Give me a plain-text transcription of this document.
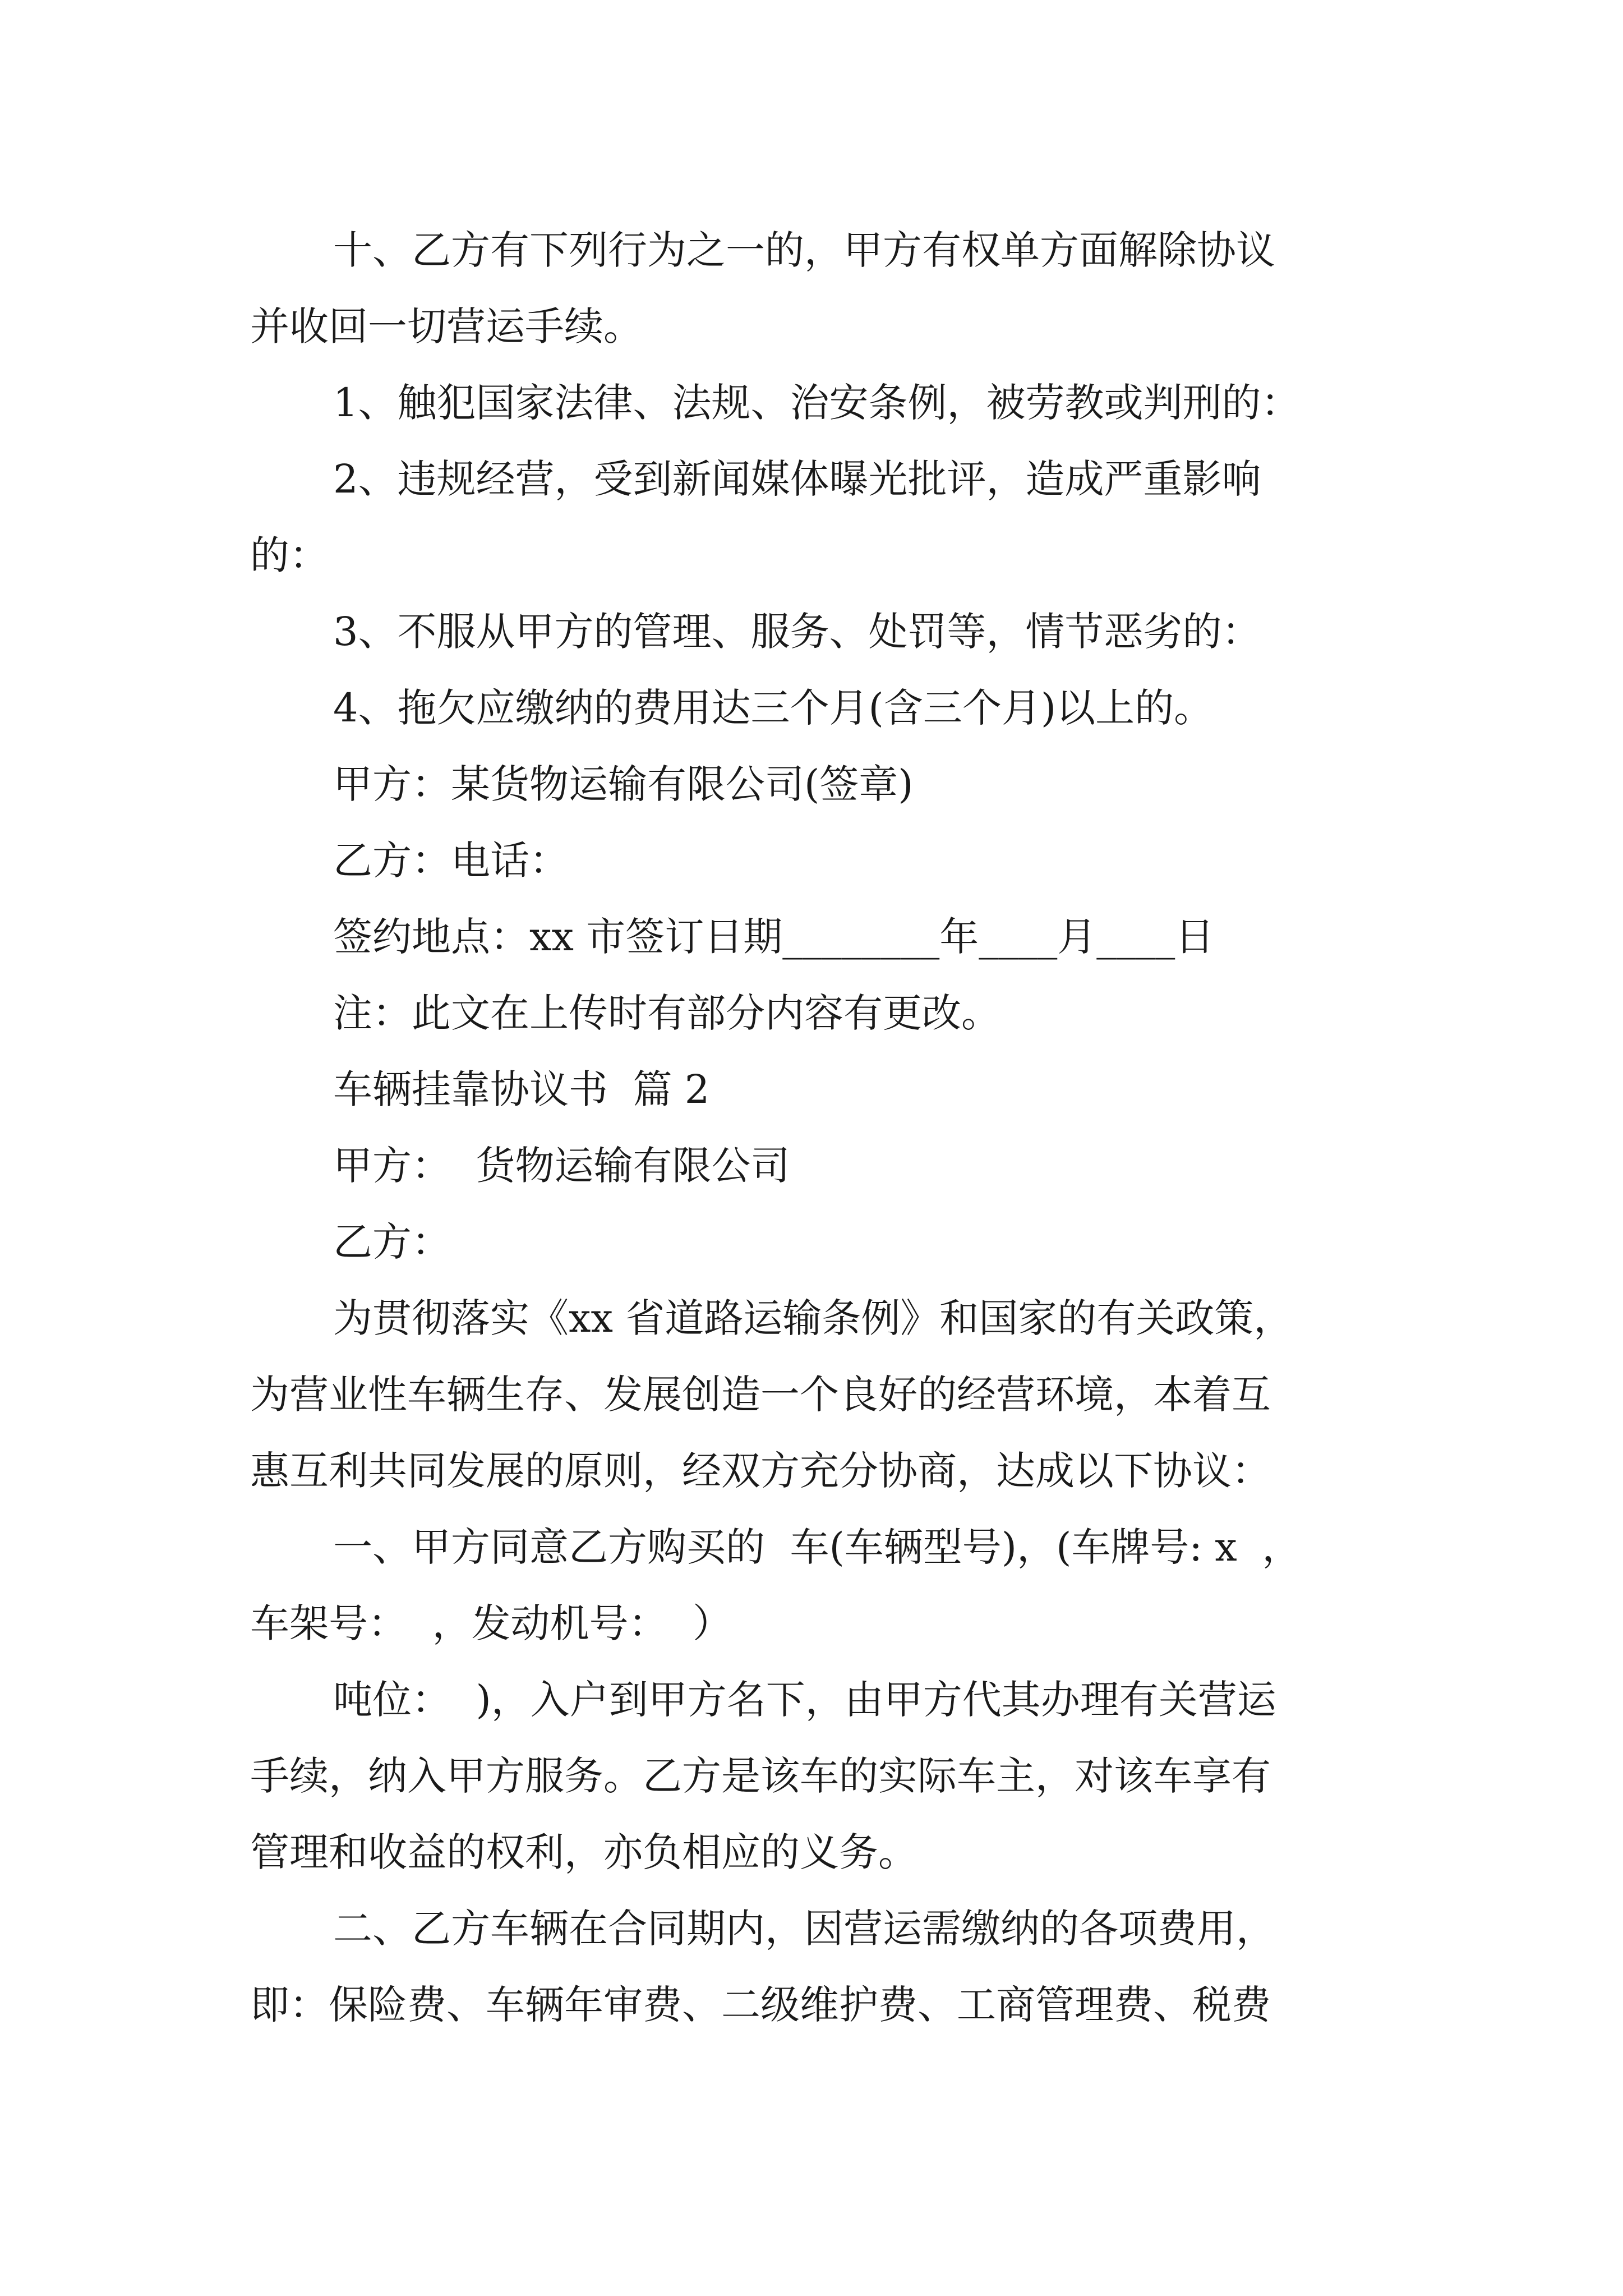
十、乙方有下列行为之一的，甲方有权单方面解除协议
并收回一切营运手续。
1、触犯国家法律、法规、治安条例，被劳教或判刑的：
2、违规经营，受到新闻媒体曝光批评，造成严重影响
的：
3、不服从甲方的管理、服务、处罚等，情节恶劣的：
4、拖欠应缴纳的费用达三个月(含三个月)以上的。
甲方：某货物运输有限公司(签章)
乙方：电话：
签约地点：xx 市签订日期________年____月____日
注：此文在上传时有部分内容有更改。
车辆挂靠协议书  篇 2
甲方：  货物运输有限公司
乙方：
为贯彻落实《xx 省道路运输条例》和国家的有关政策，
为营业性车辆生存、发展创造一个良好的经营环境，本着互
惠互利共同发展的原则，经双方充分协商，达成以下协议：
一、甲方同意乙方购买的  车(车辆型号)，(车牌号: x  ，
车架号：  ，发动机号：  ）
吨位：  )，入户到甲方名下，由甲方代其办理有关营运
手续，纳入甲方服务。乙方是该车的实际车主，对该车享有
管理和收益的权利，亦负相应的义务。
二、乙方车辆在合同期内，因营运需缴纳的各项费用，
即：保险费、车辆年审费、二级维护费、工商管理费、税费
